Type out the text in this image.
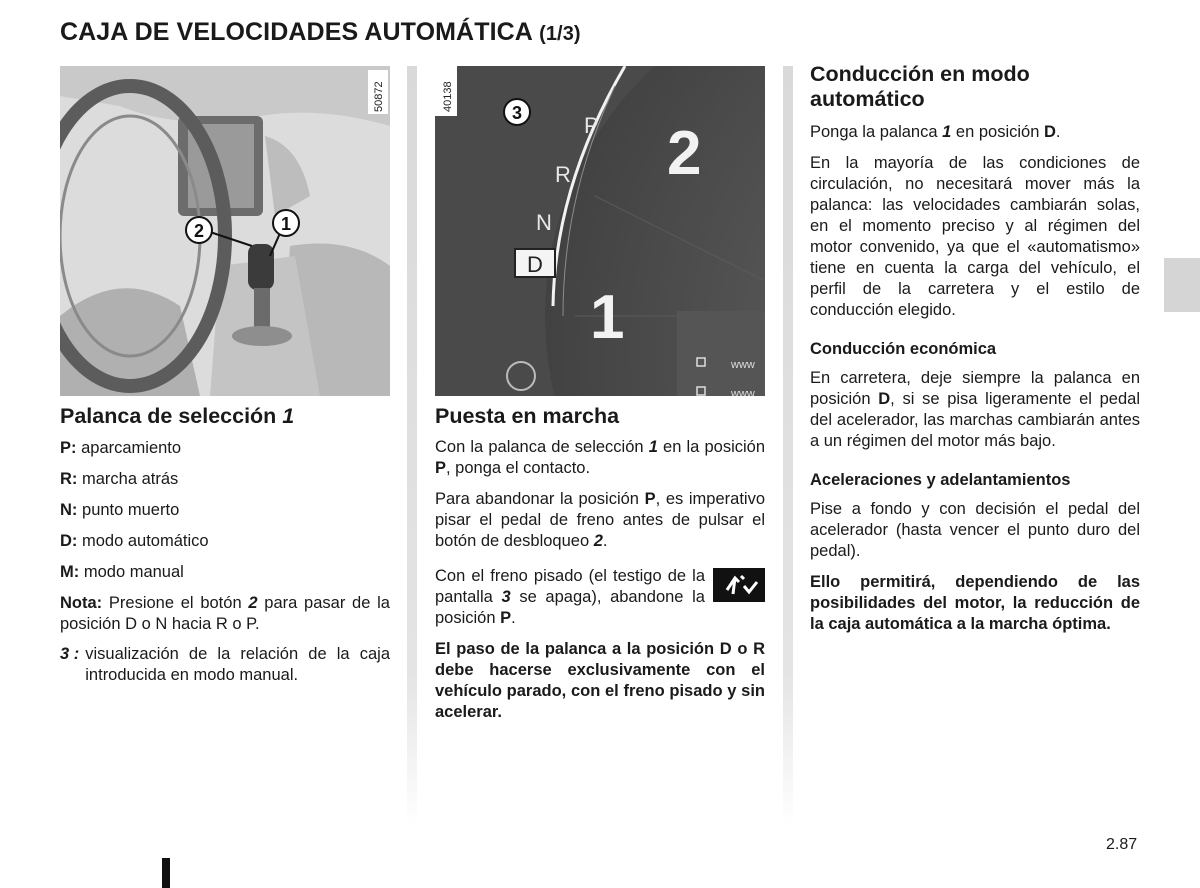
CAJA DE VELOCIDADES AUTOMÁTICA (1/3)
50872
2	1
40138
3	P
R
N
D
2
1
www
www
Palanca de selección 1

P: aparcamiento

R: marcha atrás

N: punto muerto

D: modo automático

M: modo manual

Nota: Presione el botón 2 para pasar de la posición D o N hacia R o P.

3 : visualización de la relación de la caja introducida en modo manual.
Puesta en marcha

Con la palanca de selección 1 en la posición P, ponga el contacto.

Para abandonar la posición P, es imperativo pisar el pedal de freno antes de pulsar el botón de desbloqueo 2.

Con el freno pisado (el testigo de la pantalla 3 se apaga), abandone la posición P.

El paso de la palanca a la posición D o R debe hacerse exclusivamente con el vehículo parado, con el freno pisado y sin acelerar.

Conducción en modo automático

Ponga la palanca 1 en posición D.

En la mayoría de las condiciones de circulación, no necesitará mover más la palanca: las velocidades cambiarán solas, en el momento preciso y al régimen del motor convenido, ya que el «automatismo» tiene en cuenta la carga del vehículo, el perfil de la carretera y el estilo de conducción elegido.

Conducción económica

En carretera, deje siempre la palanca en posición D, si se pisa ligeramente el pedal del acelerador, las marchas cambiarán antes a un régimen del motor más bajo.

Aceleraciones y adelantamientos

Pise a fondo y con decisión el pedal del acelerador (hasta vencer el punto duro del pedal).

Ello permitirá, dependiendo de las posibilidades del motor, la reducción de la caja automática a la marcha óptima.

2.87
